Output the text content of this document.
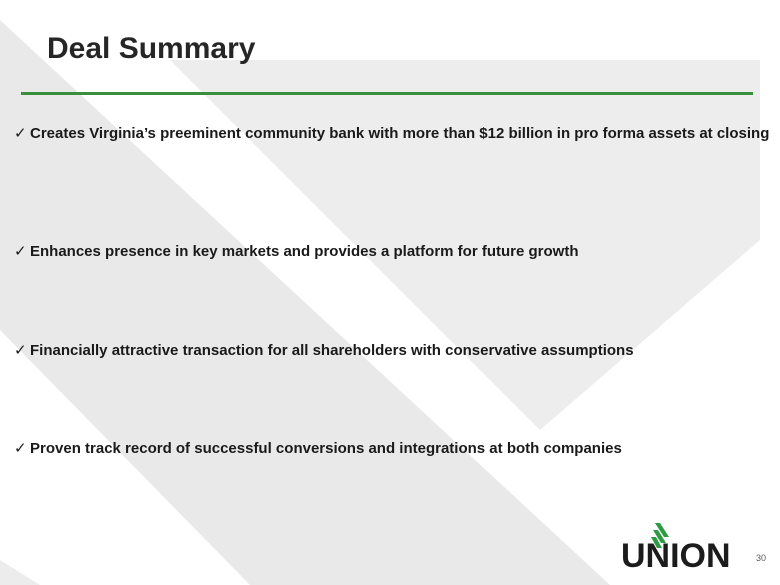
Deal Summary
✓ Creates Virginia’s preeminent community bank with more than $12 billion in pro forma assets at closing
✓ Enhances presence in key markets and provides a platform for future growth
✓ Financially attractive transaction for all shareholders with conservative assumptions
✓ Proven track record of successful conversions and integrations at both companies
UNION	30
